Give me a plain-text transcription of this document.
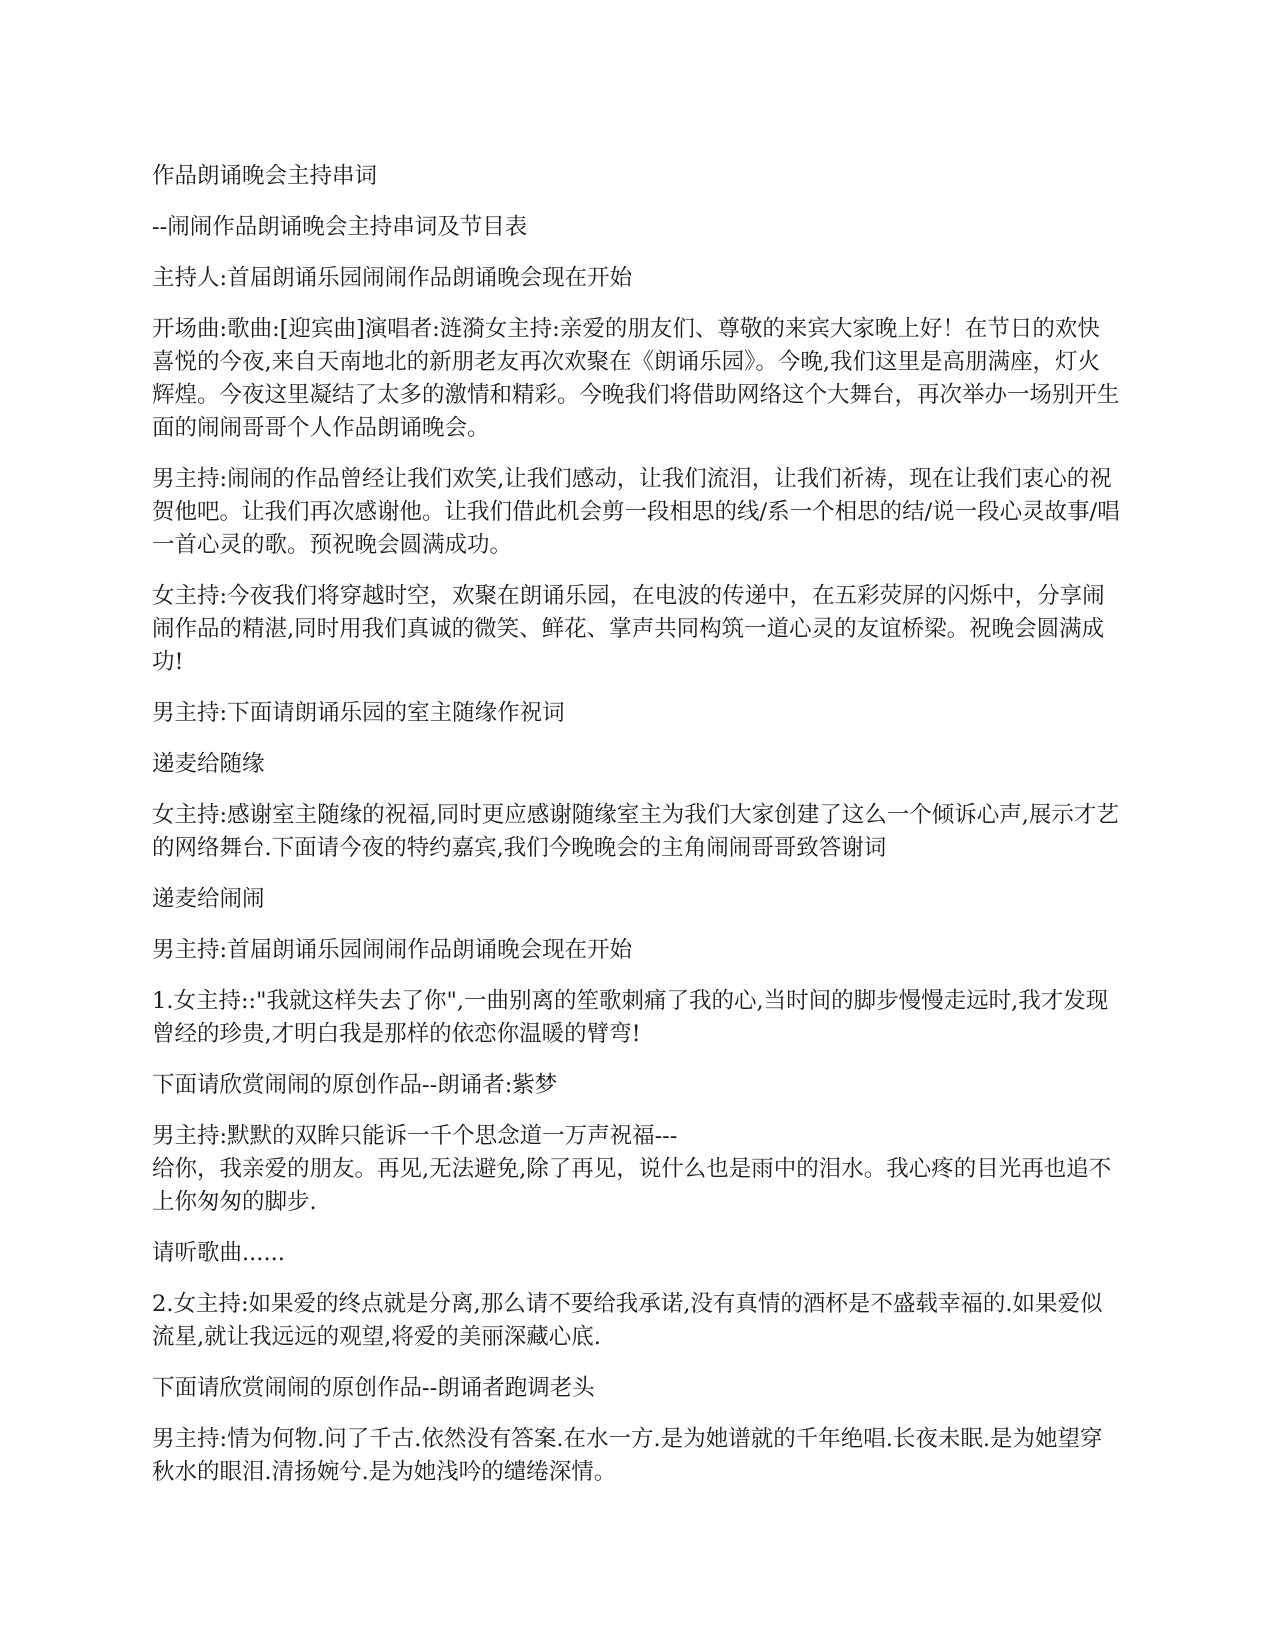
作品朗诵晚会主持串词

--闹闹作品朗诵晚会主持串词及节目表

主持人:首届朗诵乐园闹闹作品朗诵晚会现在开始

开场曲:歌曲:[迎宾曲]演唱者:涟漪女主持:亲爱的朋友们、尊敬的来宾大家晚上好！在节日的欢快喜悦的今夜,来自天南地北的新朋老友再次欢聚在《朗诵乐园》。今晚,我们这里是高朋满座，灯火辉煌。今夜这里凝结了太多的激情和精彩。今晚我们将借助网络这个大舞台，再次举办一场别开生面的闹闹哥哥个人作品朗诵晚会。

男主持:闹闹的作品曾经让我们欢笑,让我们感动，让我们流泪，让我们祈祷，现在让我们衷心的祝贺他吧。让我们再次感谢他。让我们借此机会剪一段相思的线/系一个相思的结/说一段心灵故事/唱一首心灵的歌。预祝晚会圆满成功。

女主持:今夜我们将穿越时空，欢聚在朗诵乐园，在电波的传递中，在五彩荧屏的闪烁中，分享闹闹作品的精湛,同时用我们真诚的微笑、鲜花、掌声共同构筑一道心灵的友谊桥梁。祝晚会圆满成功!

男主持:下面请朗诵乐园的室主随缘作祝词

递麦给随缘

女主持:感谢室主随缘的祝福,同时更应感谢随缘室主为我们大家创建了这么一个倾诉心声,展示才艺的网络舞台.下面请今夜的特约嘉宾,我们今晚晚会的主角闹闹哥哥致答谢词

递麦给闹闹

男主持:首届朗诵乐园闹闹作品朗诵晚会现在开始

1.女主持::"我就这样失去了你",一曲别离的笙歌刺痛了我的心,当时间的脚步慢慢走远时,我才发现曾经的珍贵,才明白我是那样的依恋你温暖的臂弯!

下面请欣赏闹闹的原创作品--朗诵者:紫梦

男主持:默默的双眸只能诉一千个思念道一万声祝福---
给你，我亲爱的朋友。再见,无法避免,除了再见，说什么也是雨中的泪水。我心疼的目光再也追不上你匆匆的脚步.

请听歌曲......

2.女主持:如果爱的终点就是分离,那么请不要给我承诺,没有真情的酒杯是不盛载幸福的.如果爱似流星,就让我远远的观望,将爱的美丽深藏心底.

下面请欣赏闹闹的原创作品--朗诵者跑调老头

男主持:情为何物.问了千古.依然没有答案.在水一方.是为她谱就的千年绝唱.长夜未眠.是为她望穿秋水的眼泪.清扬婉兮.是为她浅吟的缱绻深情。
